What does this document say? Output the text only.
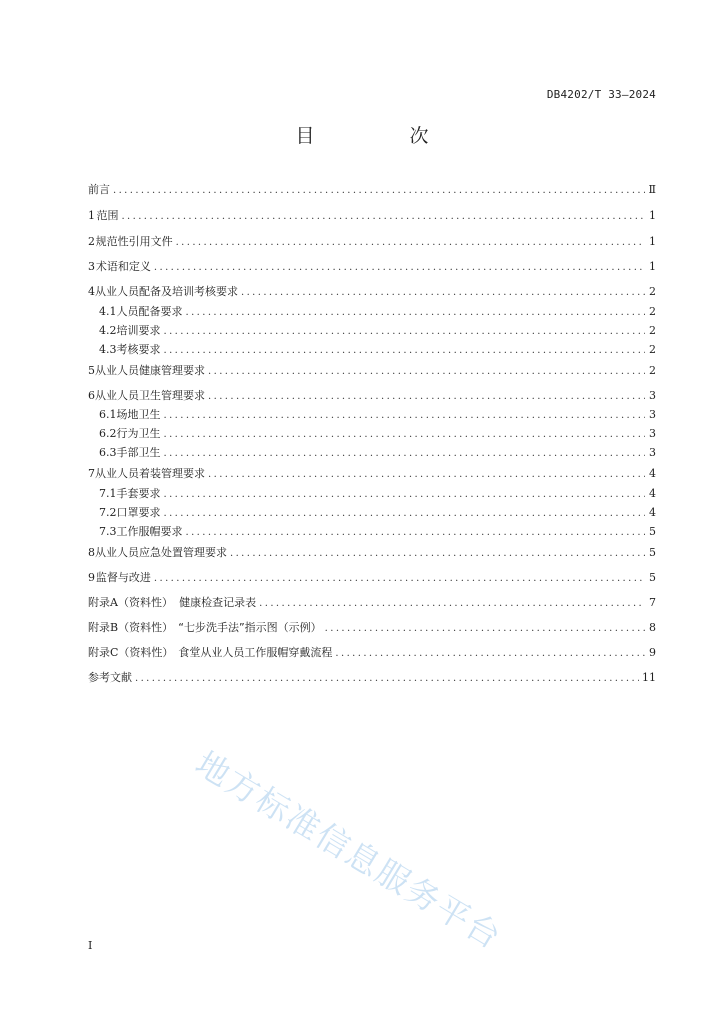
DB4202/T 33—2024
目　次
前言 .....	Ⅱ
1 范围 .....	1
2 规范性引用文件 .....	1
3 术语和定义 .....	1
4 从业人员配备及培训考核要求 .....	2
4.1 人员配备要求 .....	2
4.2 培训要求 .....	2
4.3 考核要求 .....	2
5 从业人员健康管理要求 .....	2
6 从业人员卫生管理要求 .....	3
6.1 场地卫生 .....	3
6.2 行为卫生 .....	3
6.3 手部卫生 .....	3
7 从业人员着装管理要求 .....	4
7.1 手套要求 .....	4
7.2 口罩要求 .....	4
7.3 工作服帽要求 .....	5
8 从业人员应急处置管理要求 .....	5
9 监督与改进 .....	5
附录A（资料性） 健康检查记录表 .....	7
附录B（资料性） “七步洗手法”指示图（示例） .....	8
附录C（资料性） 食堂从业人员工作服帽穿戴流程 .....	9
参考文献 .....	11
地方标准信息服务平台
I
